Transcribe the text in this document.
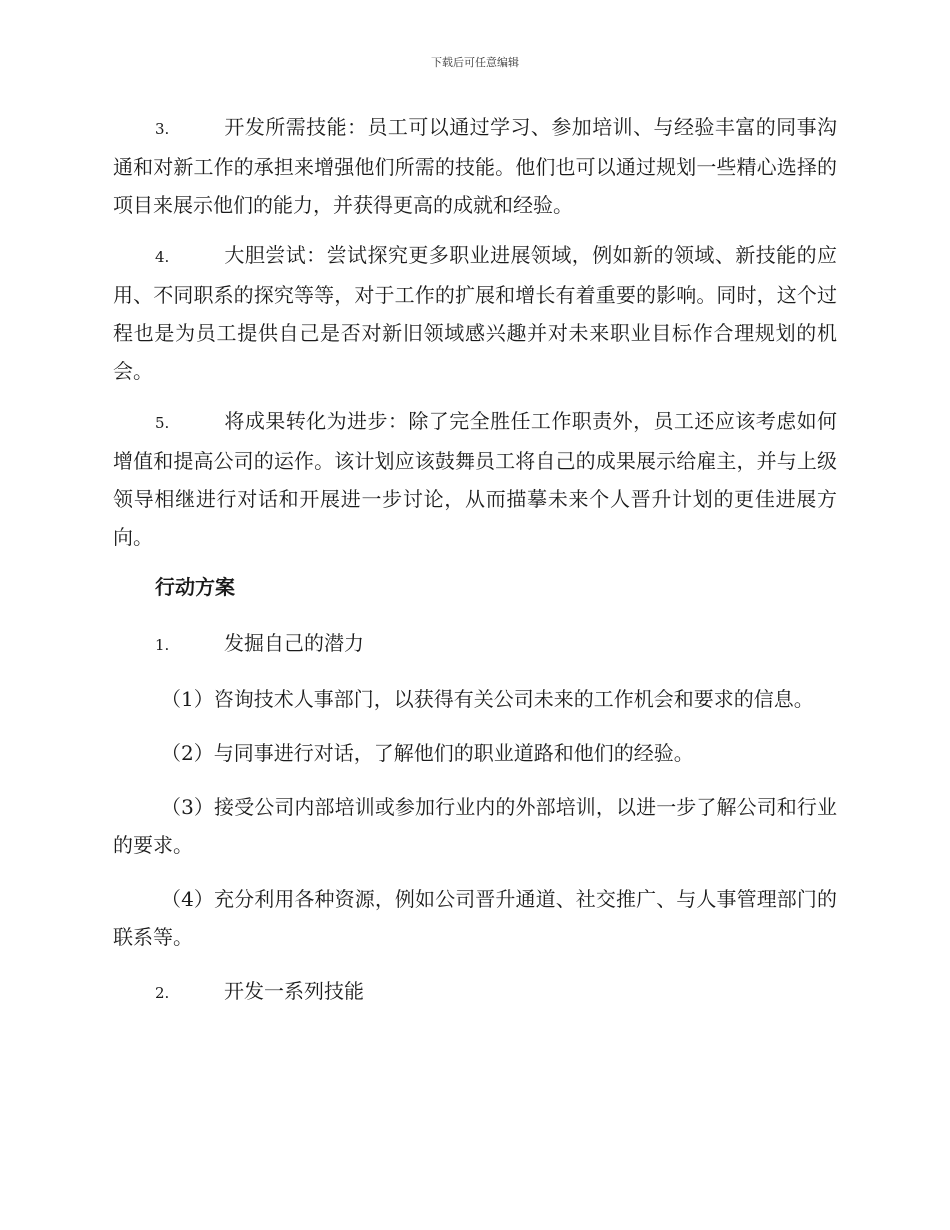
下载后可任意编辑

3.	开发所需技能：员工可以通过学习、参加培训、与经验丰富的同事沟通和对新工作的承担来增强他们所需的技能。他们也可以通过规划一些精心选择的项目来展示他们的能力，并获得更高的成就和经验。

4.	大胆尝试：尝试探究更多职业进展领域，例如新的领域、新技能的应用、不同职系的探究等等，对于工作的扩展和增长有着重要的影响。同时，这个过程也是为员工提供自己是否对新旧领域感兴趣并对未来职业目标作合理规划的机会。

5.	将成果转化为进步：除了完全胜任工作职责外，员工还应该考虑如何增值和提高公司的运作。该计划应该鼓舞员工将自己的成果展示给雇主，并与上级领导相继进行对话和开展进一步讨论，从而描摹未来个人晋升计划的更佳进展方向。

行动方案
1.	发掘自己的潜力

（1）咨询技术人事部门，以获得有关公司未来的工作机会和要求的信息。

（2）与同事进行对话，了解他们的职业道路和他们的经验。

（3）接受公司内部培训或参加行业内的外部培训，以进一步了解公司和行业的要求。

（4）充分利用各种资源，例如公司晋升通道、社交推广、与人事管理部门的联系等。

2.	开发一系列技能
